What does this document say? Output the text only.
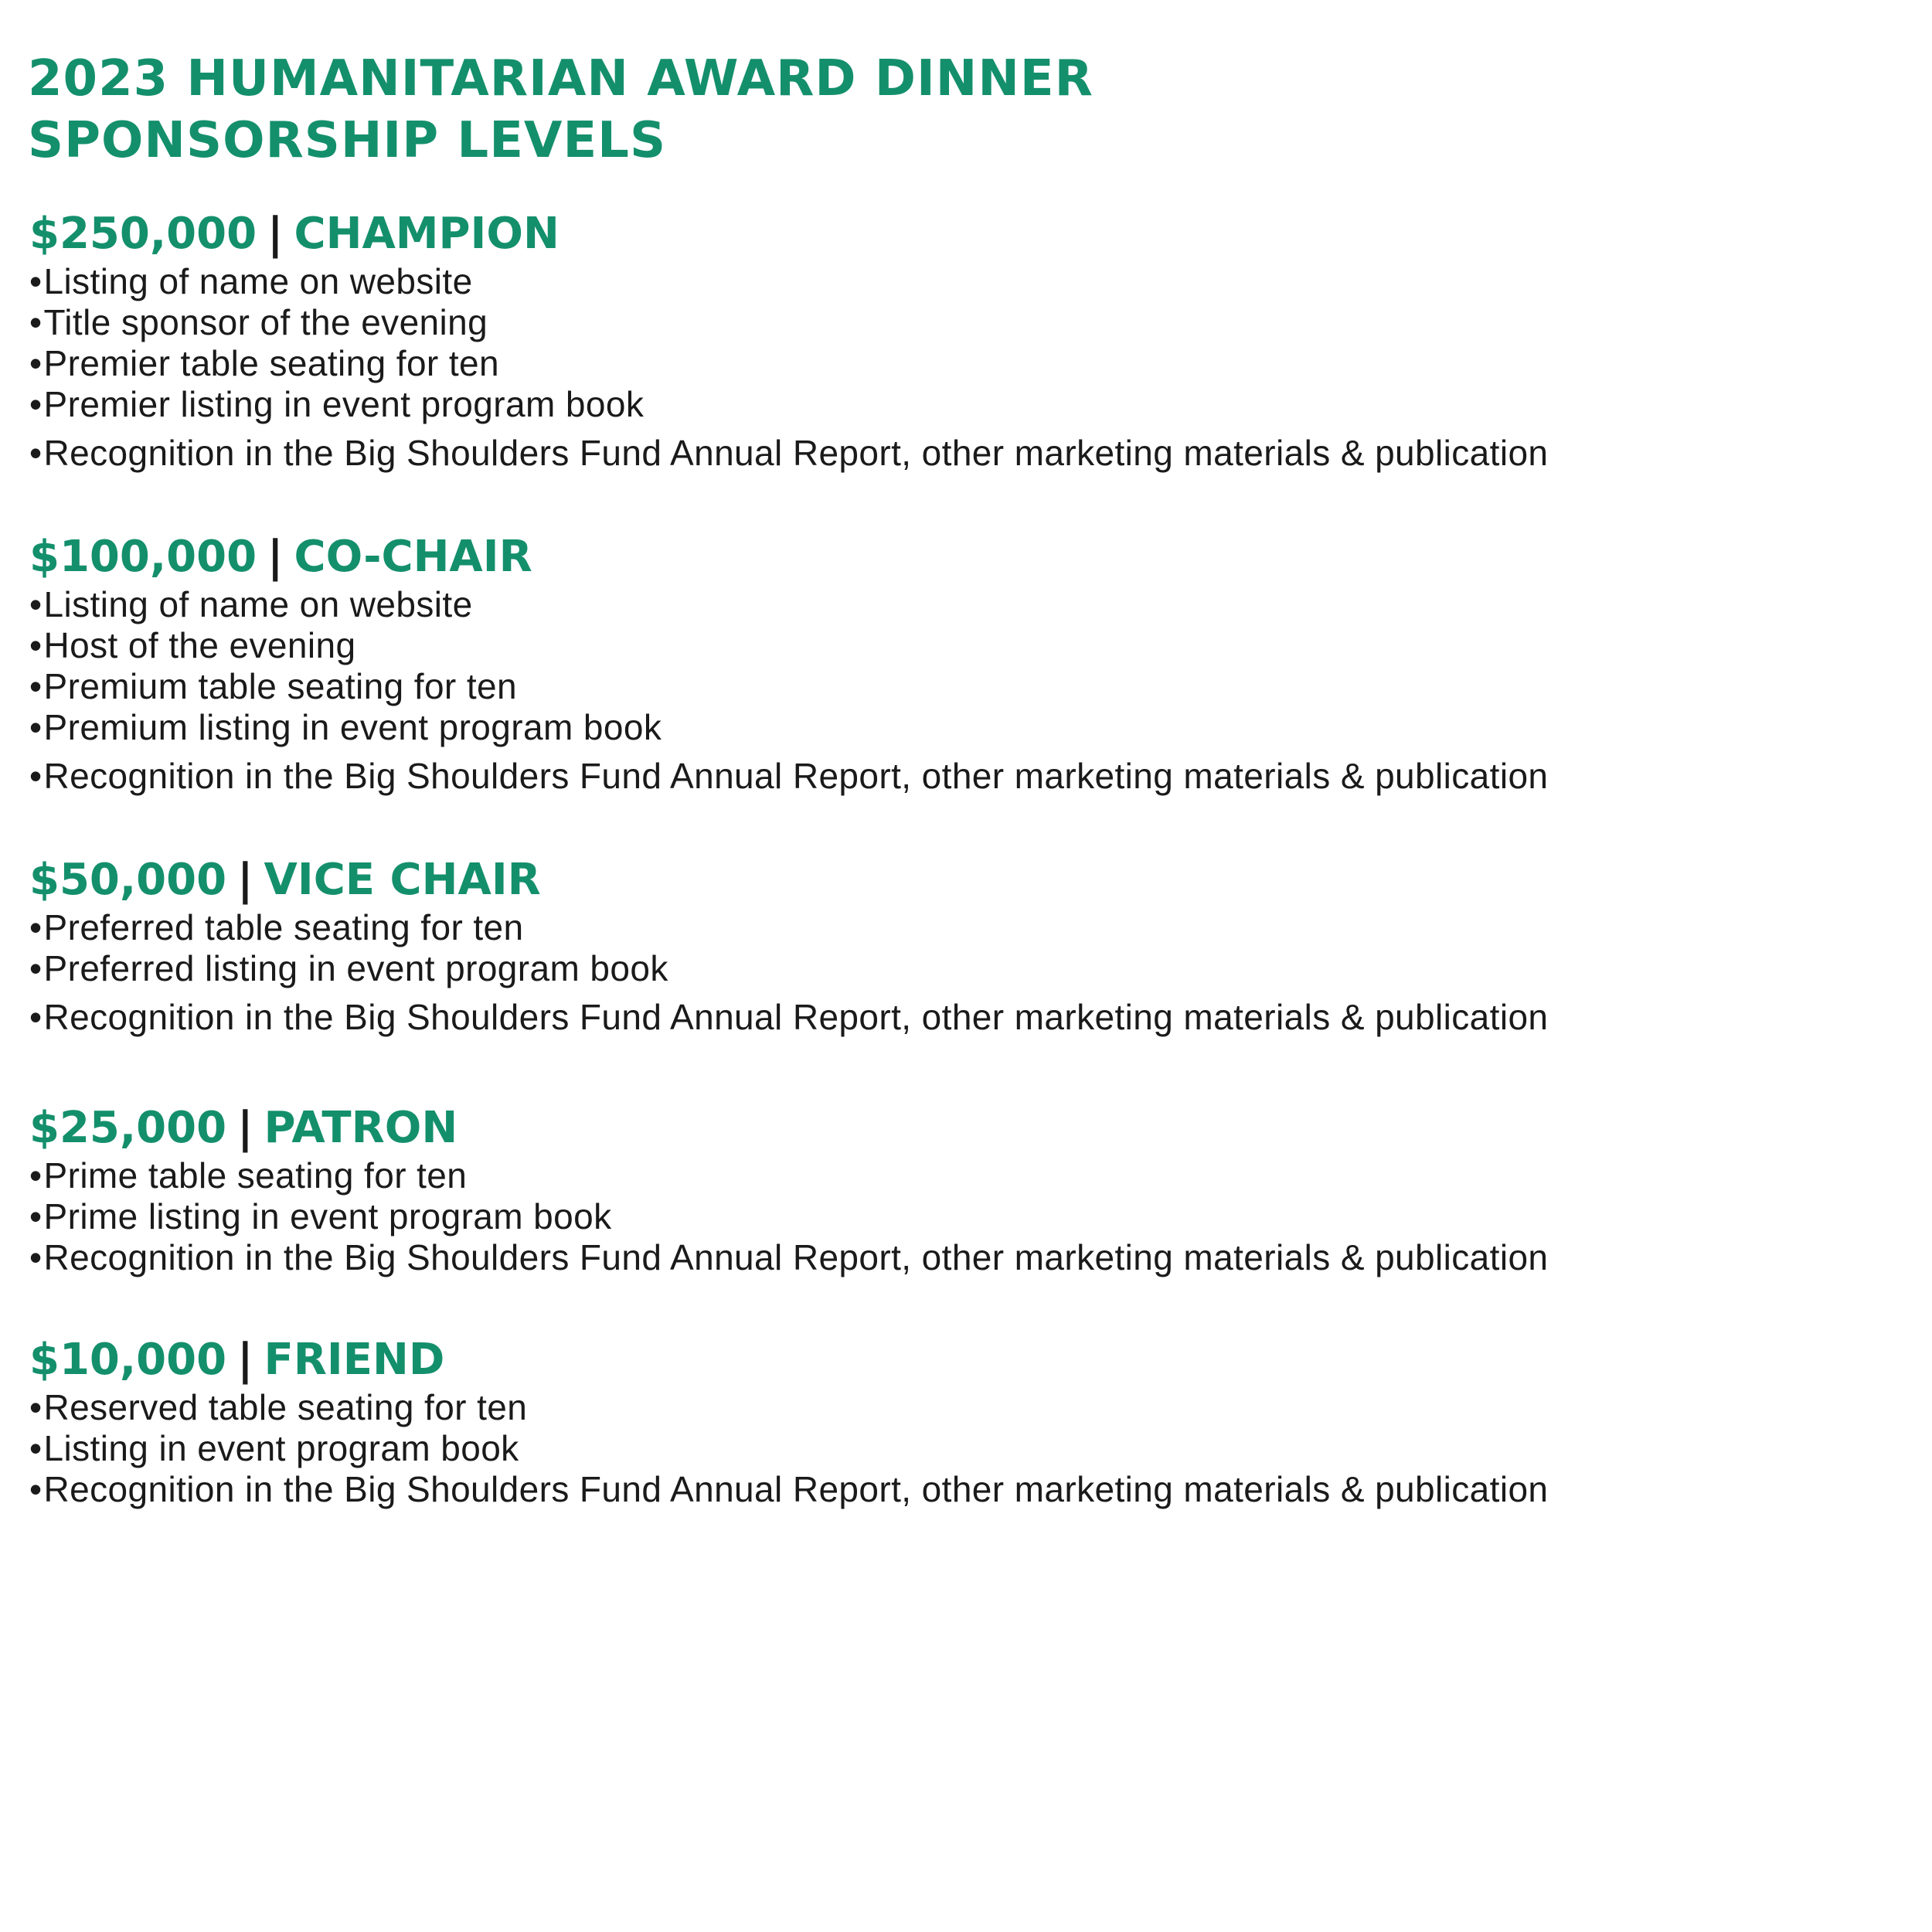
2023 HUMANITARIAN AWARD DINNER
SPONSORSHIP LEVELS
$250,000 | CHAMPION
•Listing of name on website
•Title sponsor of the evening
•Premier table seating for ten
•Premier listing in event program book
•Recognition in the Big Shoulders Fund Annual Report, other marketing materials & publication
$100,000 | CO-CHAIR
•Listing of name on website
•Host of the evening
•Premium table seating for ten
•Premium listing in event program book
•Recognition in the Big Shoulders Fund Annual Report, other marketing materials & publication
$50,000 | VICE CHAIR
•Preferred table seating for ten
•Preferred listing in event program book
•Recognition in the Big Shoulders Fund Annual Report, other marketing materials & publication
$25,000 | PATRON
•Prime table seating for ten
•Prime listing in event program book
•Recognition in the Big Shoulders Fund Annual Report, other marketing materials & publication
$10,000 | FRIEND
•Reserved table seating for ten
•Listing in event program book
•Recognition in the Big Shoulders Fund Annual Report, other marketing materials & publication
